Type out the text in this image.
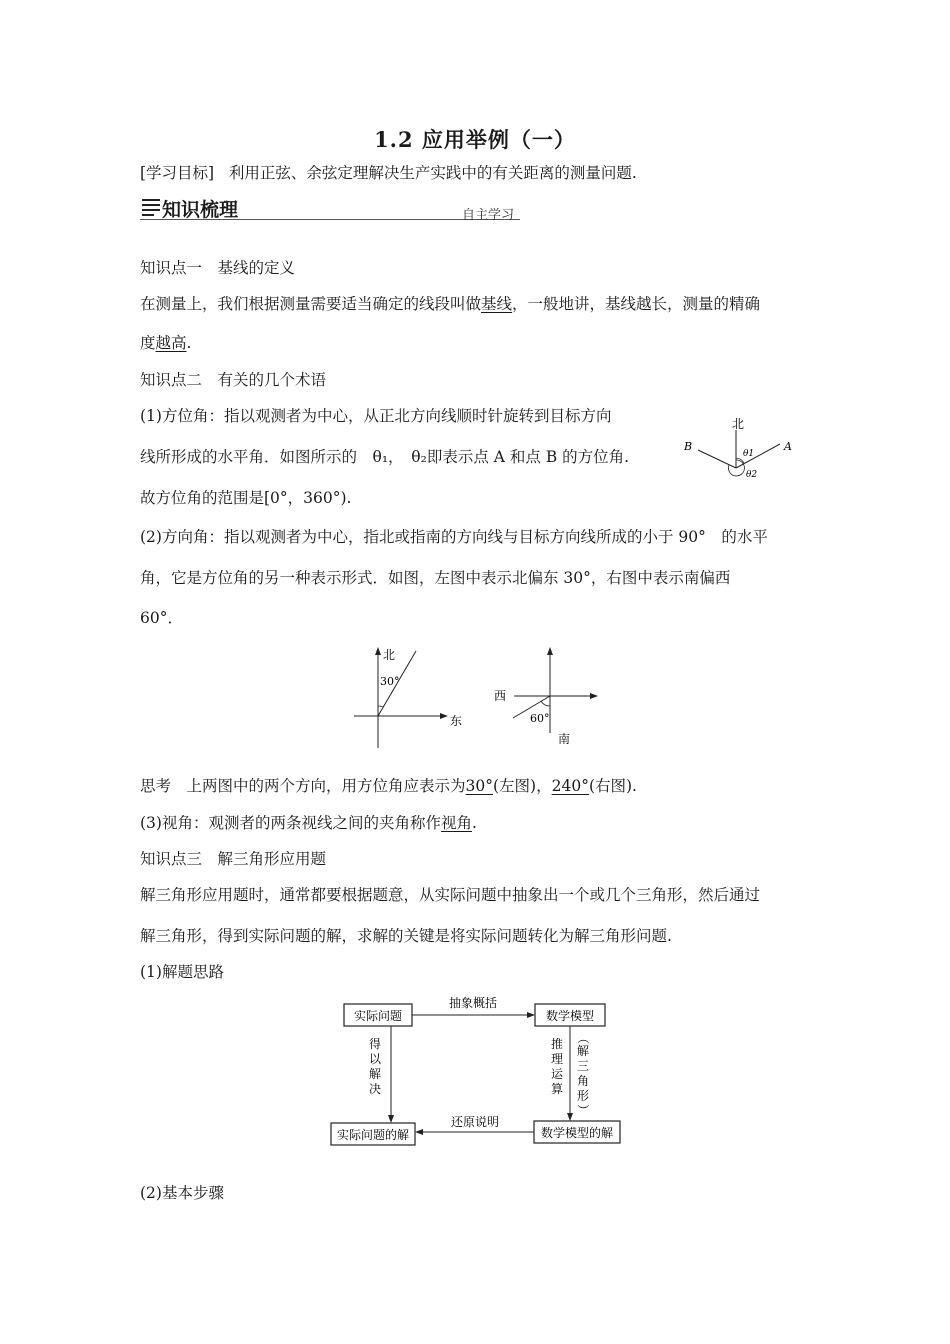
1.2 应用举例（一）
[学习目标] 利用正弦、余弦定理解决生产实践中的有关距离的测量问题.
知识梳理	自主学习
知识点一　基线的定义
在测量上，我们根据测量需要适当确定的线段叫做基线，一般地讲，基线越长，测量的精确
度越高.
知识点二　有关的几个术语
(1)方位角：指以观测者为中心，从正北方向线顺时针旋转到目标方向
线所形成的水平角．如图所示的　θ₁，　θ₂即表示点 A 和点 B 的方位角.
故方位角的范围是[0°，360°).
北
B	A
θ1
θ2
(2)方向角：指以观测者为中心，指北或指南的方向线与目标方向线所成的小于 90°　的水平
角，它是方位角的另一种表示形式．如图，左图中表示北偏东 30°，右图中表示南偏西
60°．
北
30°
东
西
60°
南
思考　上两图中的两个方向，用方位角应表示为30°(左图)，240°(右图).
(3)视角：观测者的两条视线之间的夹角称作视角.
知识点三　解三角形应用题
解三角形应用题时，通常都要根据题意，从实际问题中抽象出一个或几个三角形，然后通过
解三角形，得到实际问题的解，求解的关键是将实际问题转化为解三角形问题.
(1)解题思路
实际问题	数学模型
实际问题的解	数学模型的解
抽象概括
还原说明
得
以
解
决
推
理
运
算
（
解
三
角
形
）
(2)基本步骤
